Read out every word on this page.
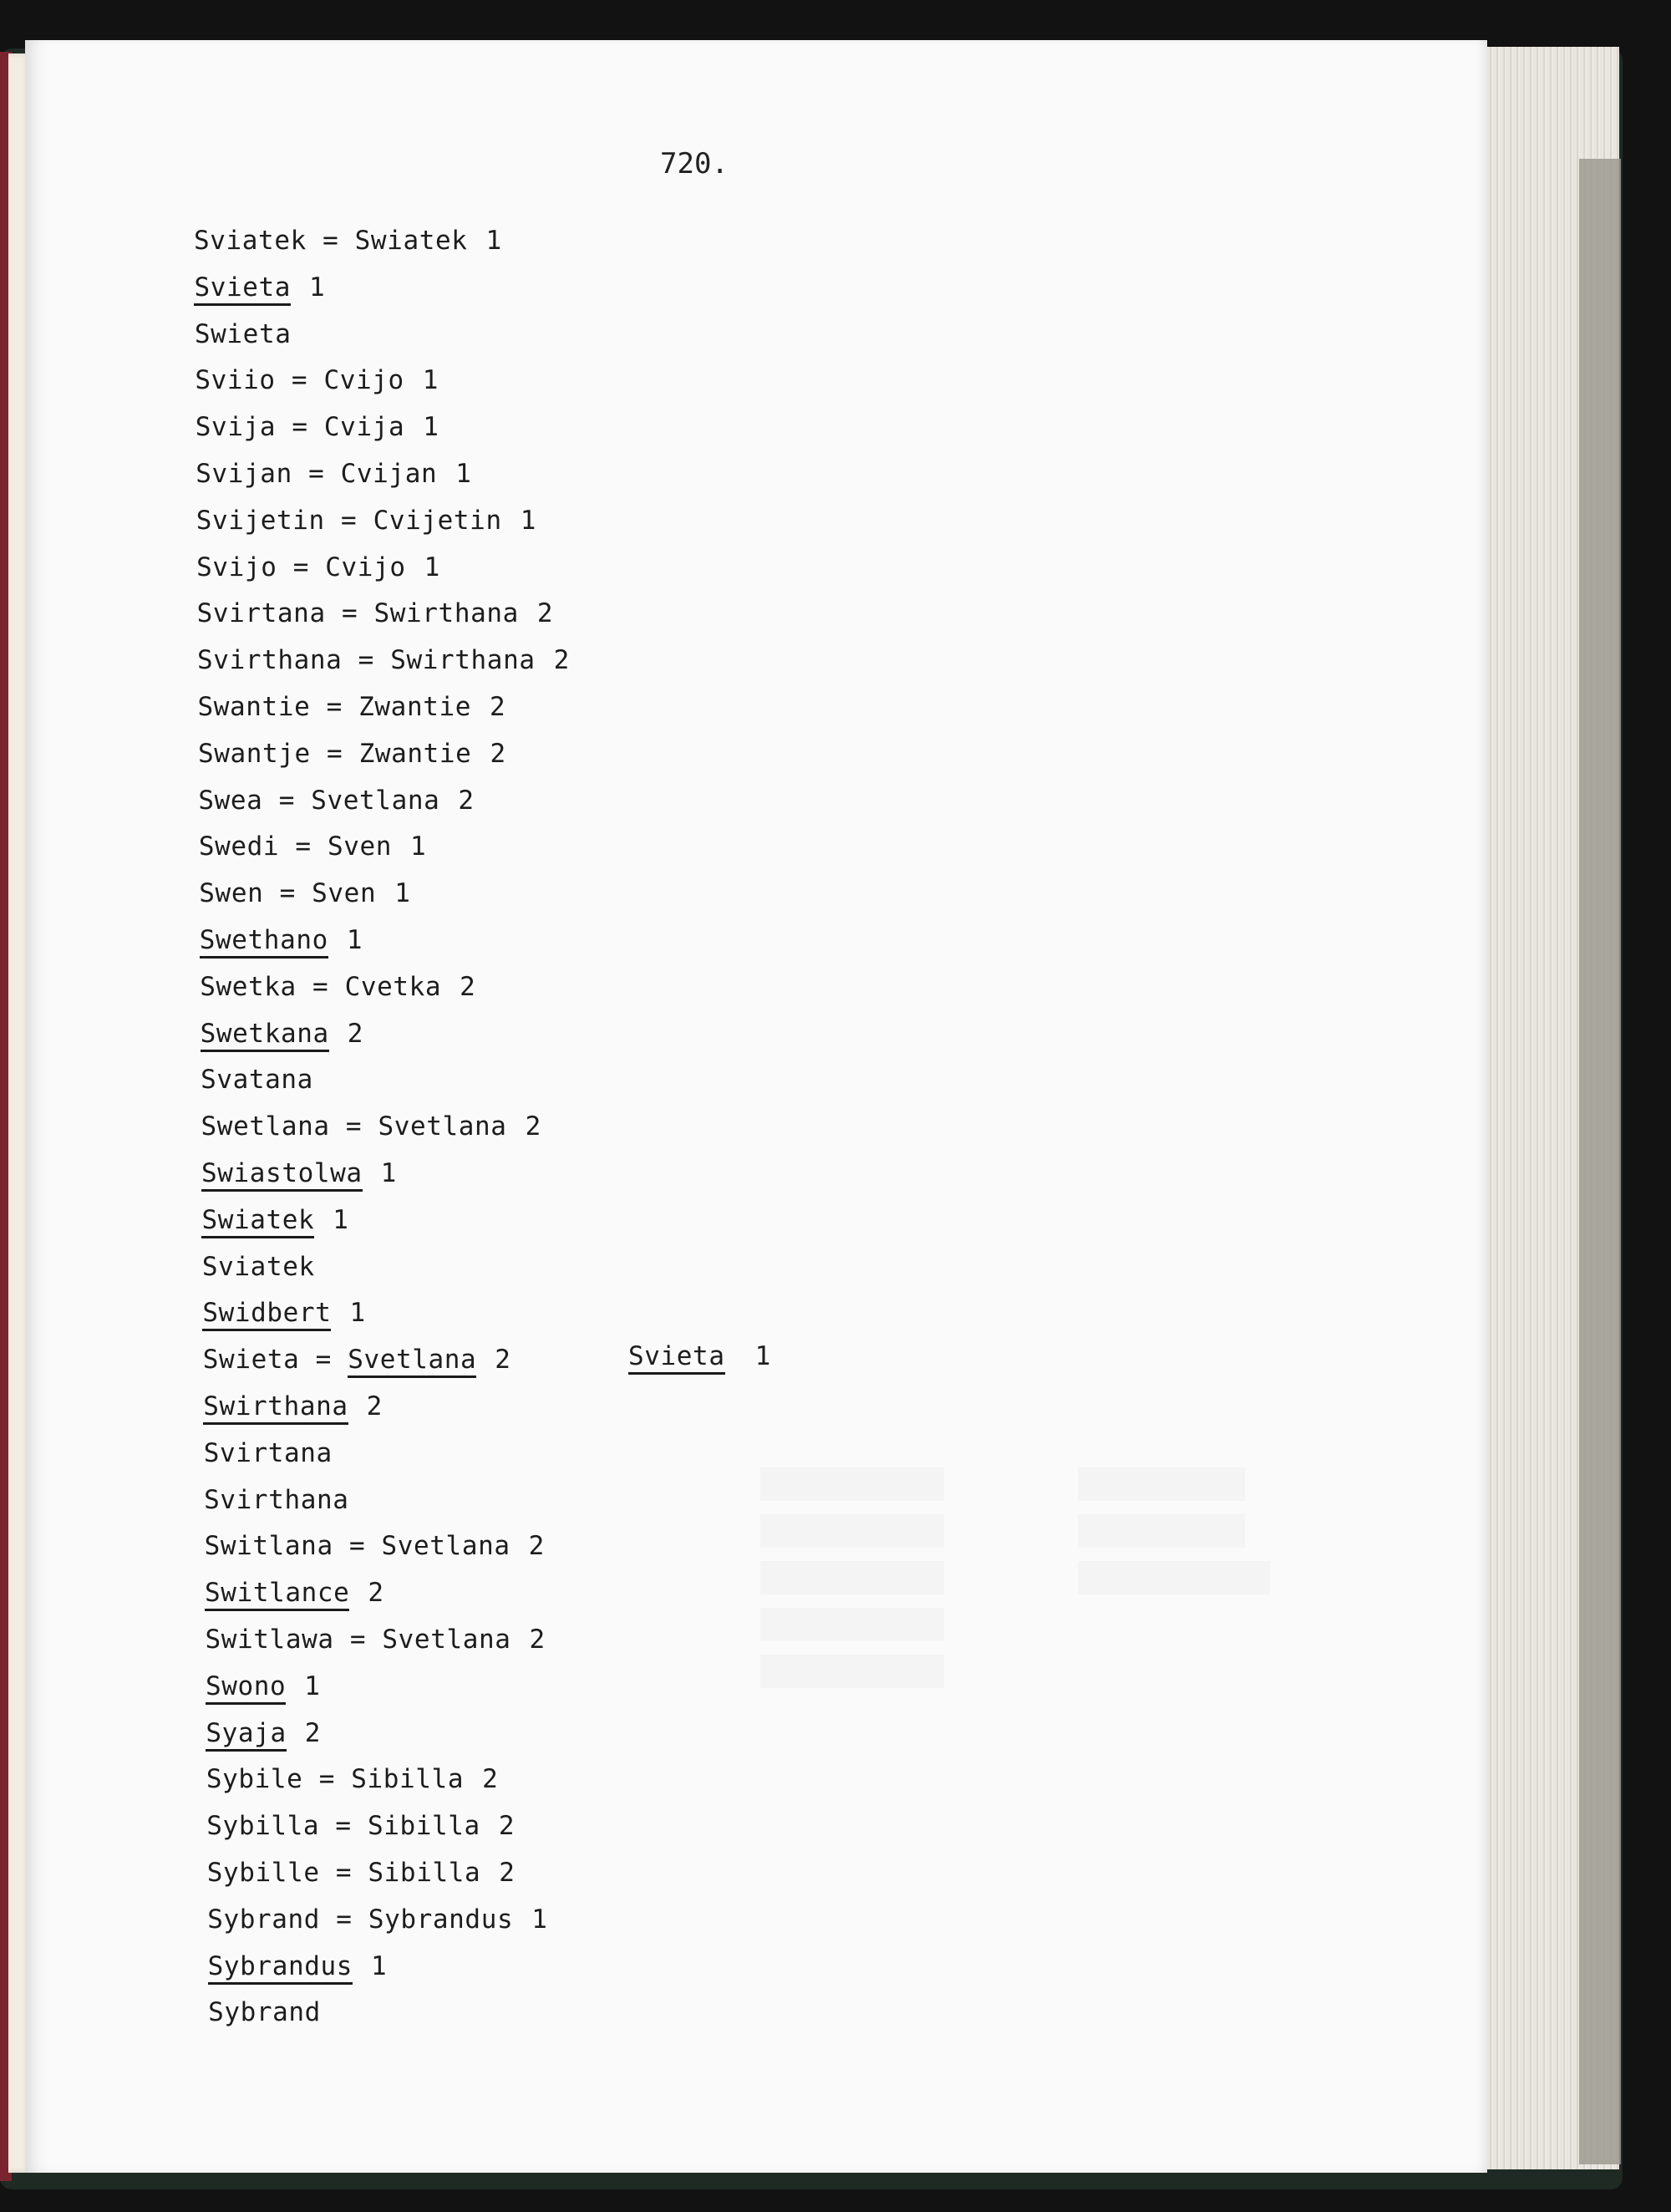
720.
Sviatek = Swiatek 1
Svieta 1
Swieta
Sviio = Cvijo 1
Svija = Cvija 1
Svijan = Cvijan 1
Svijetin = Cvijetin 1
Svijo = Cvijo 1
Svirtana = Swirthana 2
Svirthana = Swirthana 2
Swantie = Zwantie 2
Swantje = Zwantie 2
Swea = Svetlana 2
Swedi = Sven 1
Swen = Sven 1
Swethano 1
Swetka = Cvetka 2
Swetkana 2
Svatana
Swetlana = Svetlana 2
Swiastolwa 1
Swiatek 1
Sviatek
Swidbert 1
Swieta = Svetlana 2	Svieta 1
Swirthana 2
Svirtana
Svirthana
Switlana = Svetlana 2
Switlance 2
Switlawa = Svetlana 2
Swono 1
Syaja 2
Sybile = Sibilla 2
Sybilla = Sibilla 2
Sybille = Sibilla 2
Sybrand = Sybrandus 1
Sybrandus 1
Sybrand
